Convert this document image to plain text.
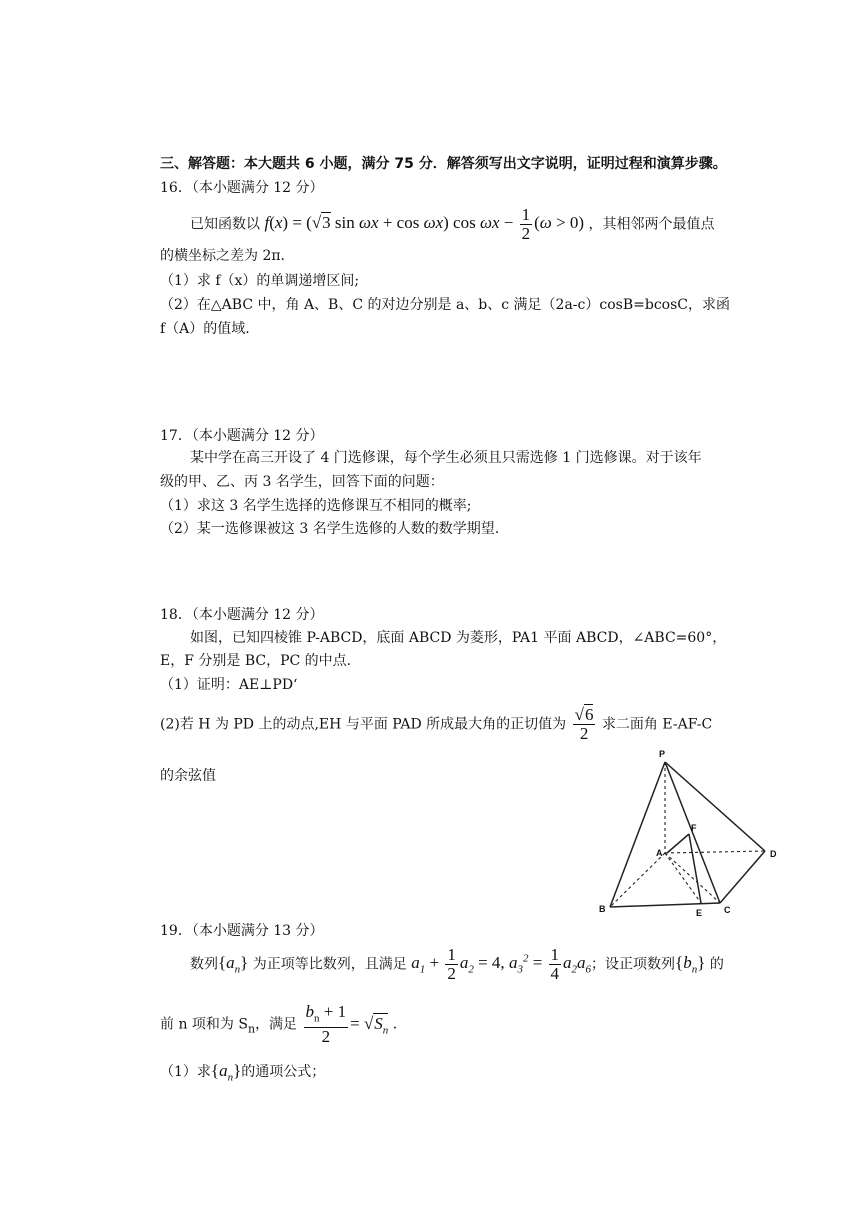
三、解答题：本大题共 6 小题，满分 75 分．解答须写出文字说明，证明过程和演算步骤。
16．（本小题满分 12 分）
已知函数以 f(x) = (√3 sin ωx + cos ωx) $\cos \omega x - \frac{1}{2} (\omega > 0)$ ，其相邻两个最值点
的横坐标之差为 2π．
（1）求 f（x）的单调递增区间;
（2）在△ABC 中，角 A、B、C 的对边分别是 a、b、c 满足（2a-c）cosB=bcosC，求函
f（A）的值域.
17．（本小题满分 12 分）
某中学在高三开设了 4 门选修课，每个学生必须且只需选修 1 门选修课。对于该年
级的甲、乙、丙 3 名学生，回答下面的问题：
（1）求这 3 名学生选择的选修课互不相同的概率;
（2）某一选修课被这 3 名学生选修的人数的数学期望.
18．（本小题满分 12 分）
如图，已知四棱锥 P-ABCD，底面 ABCD 为菱形，PA1 平面 ABCD，∠ABC=60°，
E，F 分别是 BC，PC 的中点.
（1）证明：AE⊥PD‘
(2)若 H 为 PD 上的动点,EH 与平面 PAD 所成最大角的正切值为 $\frac{√6}{2}$ 求二面角 E-AF-C
的余弦值
P
A
B	C
D
E
F
19．（本小题满分 13 分）
数列$\{a_n\}$ 为正项等比数列，且满足 $a_1 + \frac{1}{2} a_2 = 4$, $a_3^2 = \frac{1}{4} a_2a_6$；设正项数列$\{b_n\}$ 的
前 n 项和为 $S_n$，满足 $\frac{b_n + 1}{2} = √S_n$ ．
（1）求$\{a_n\}$的通项公式；
